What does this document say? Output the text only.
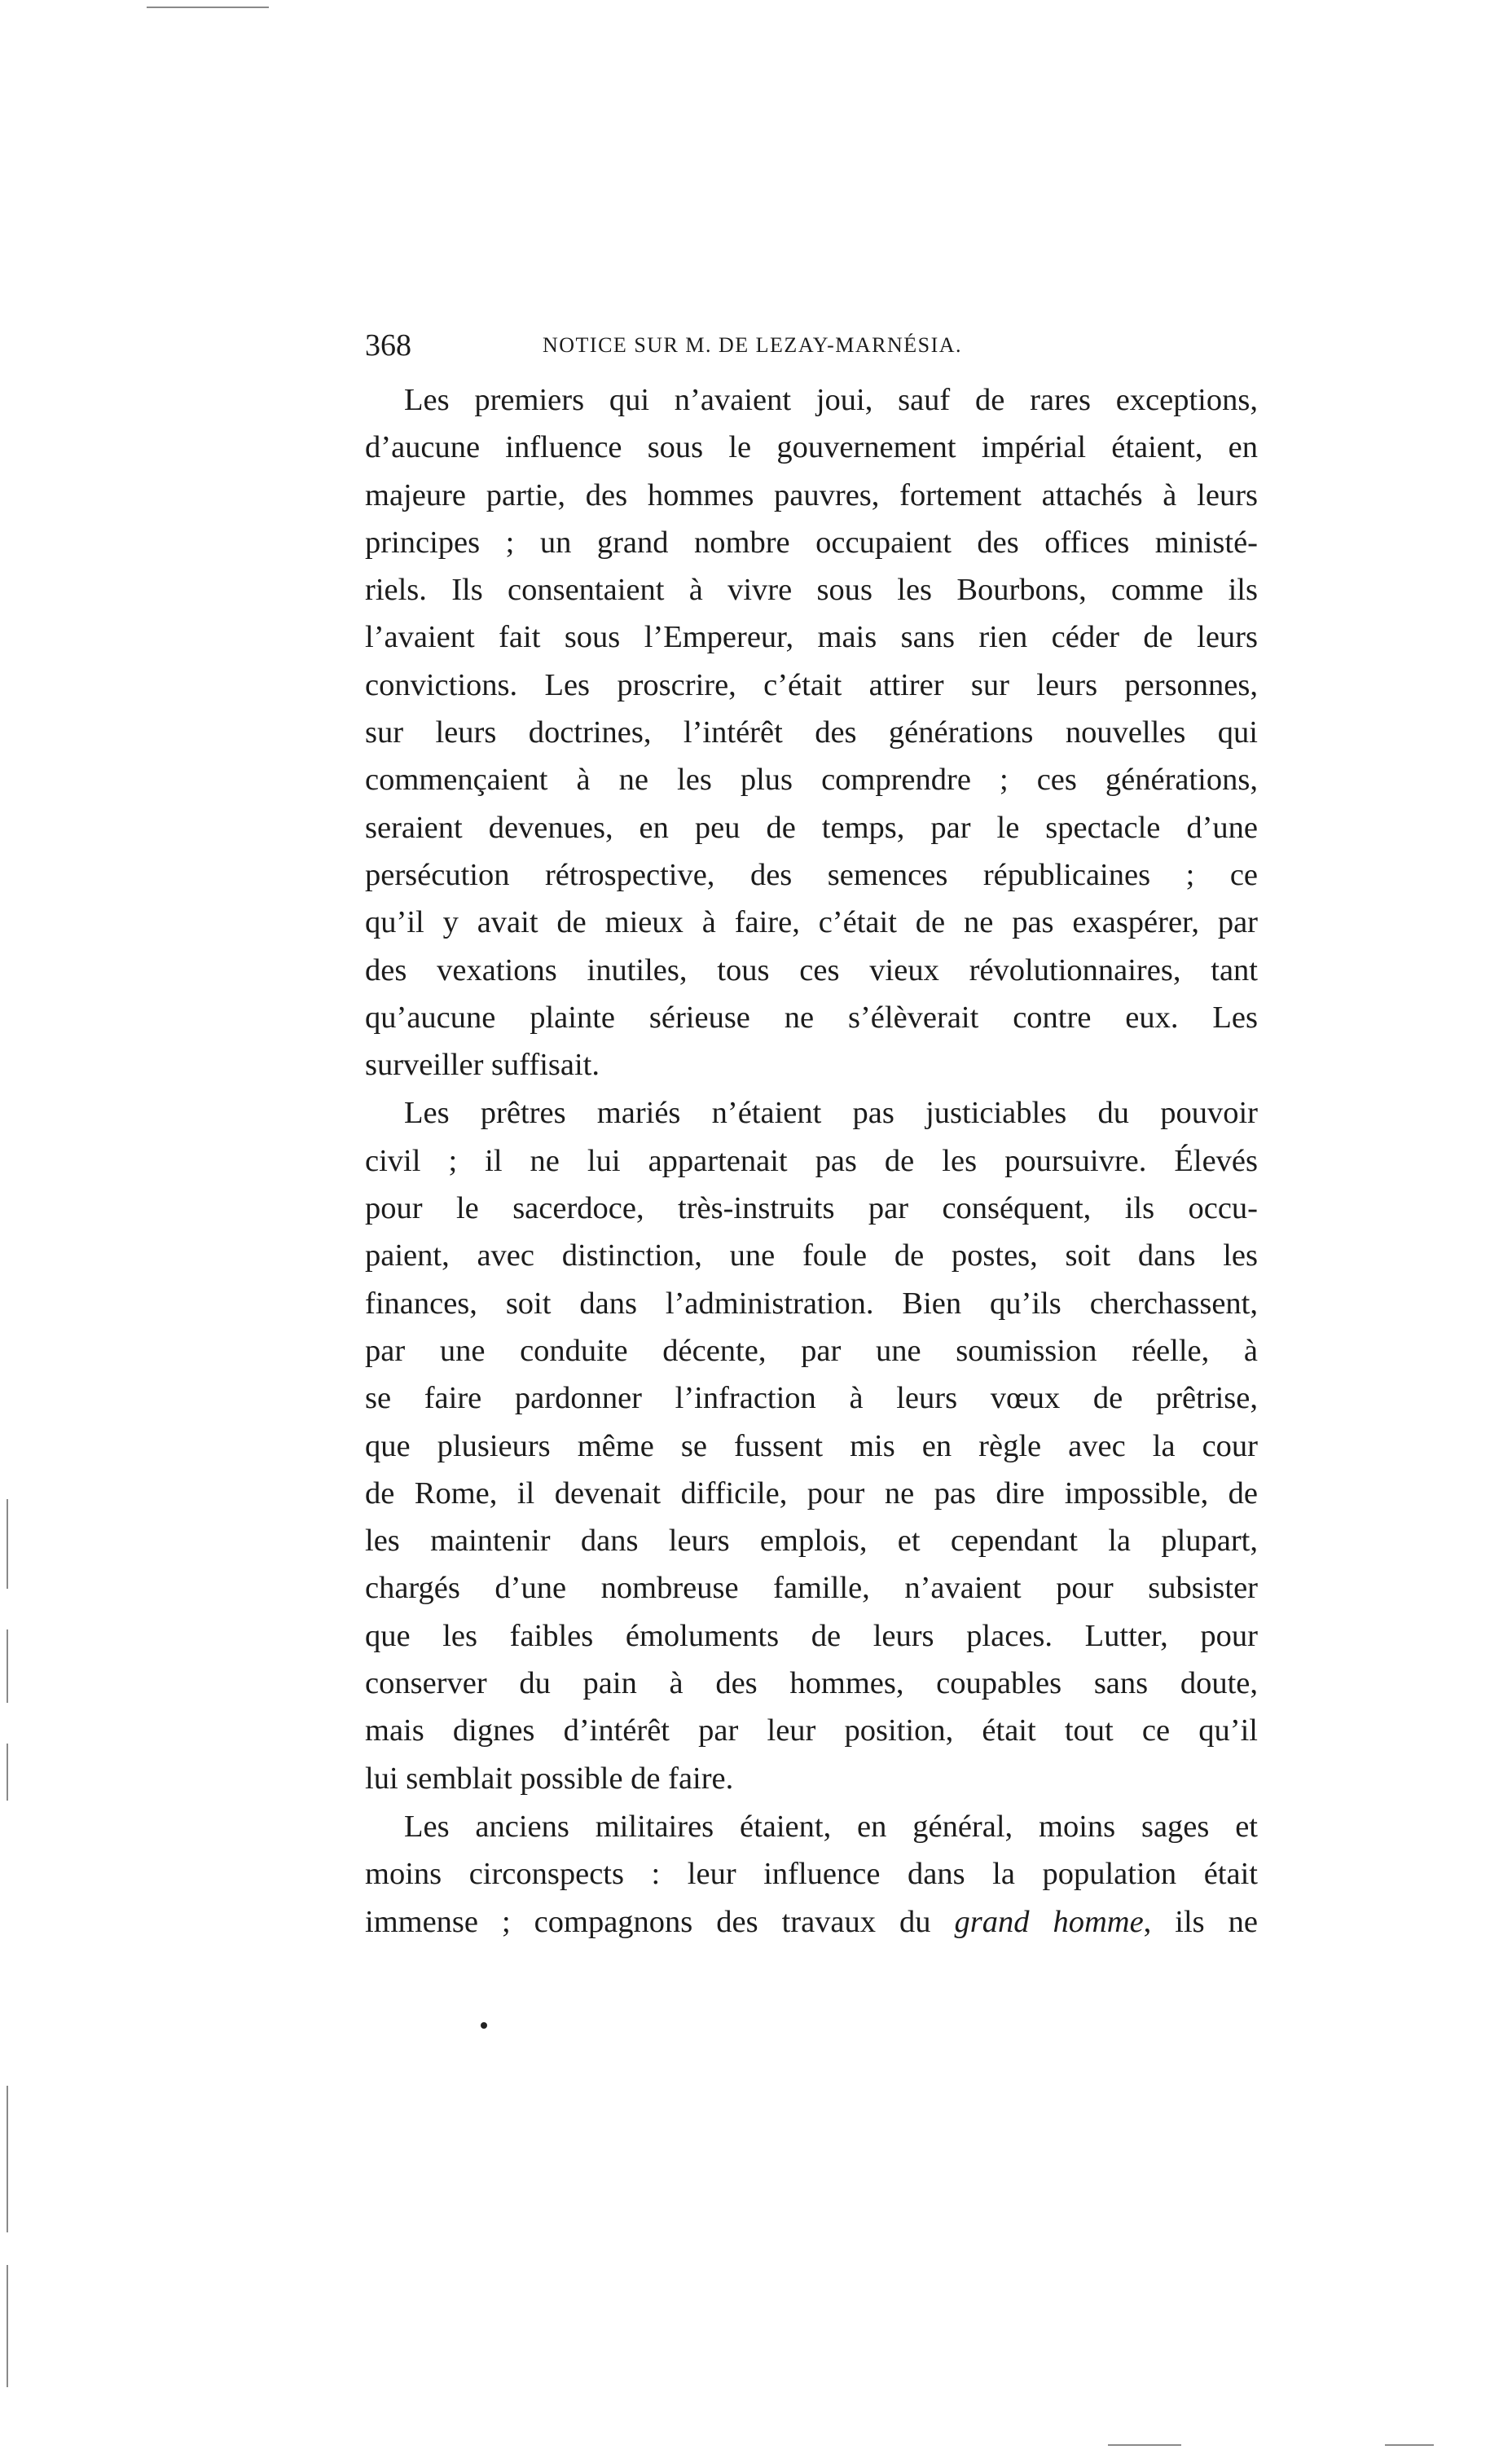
368	NOTICE SUR M. DE LEZAY-MARNÉSIA.

Les premiers qui n’avaient joui, sauf de rares exceptions,
d’aucune influence sous le gouvernement impérial étaient, en
majeure partie, des hommes pauvres, fortement attachés à leurs
principes ; un grand nombre occupaient des offices ministé-
riels. Ils consentaient à vivre sous les Bourbons, comme ils
l’avaient fait sous l’Empereur, mais sans rien céder de leurs
convictions. Les proscrire, c’était attirer sur leurs personnes,
sur leurs doctrines, l’intérêt des générations nouvelles qui
commençaient à ne les plus comprendre ; ces générations,
seraient devenues, en peu de temps, par le spectacle d’une
persécution rétrospective, des semences républicaines ; ce
qu’il y avait de mieux à faire, c’était de ne pas exaspérer, par
des vexations inutiles, tous ces vieux révolutionnaires, tant
qu’aucune plainte sérieuse ne s’élèverait contre eux. Les
surveiller suffisait.

Les prêtres mariés n’étaient pas justiciables du pouvoir
civil ; il ne lui appartenait pas de les poursuivre. Élevés
pour le sacerdoce, très-instruits par conséquent, ils occu-
paient, avec distinction, une foule de postes, soit dans les
finances, soit dans l’administration. Bien qu’ils cherchassent,
par une conduite décente, par une soumission réelle, à
se faire pardonner l’infraction à leurs vœux de prêtrise,
que plusieurs même se fussent mis en règle avec la cour
de Rome, il devenait difficile, pour ne pas dire impossible, de
les maintenir dans leurs emplois, et cependant la plupart,
chargés d’une nombreuse famille, n’avaient pour subsister
que les faibles émoluments de leurs places. Lutter, pour
conserver du pain à des hommes, coupables sans doute,
mais dignes d’intérêt par leur position, était tout ce qu’il
lui semblait possible de faire.

Les anciens militaires étaient, en général, moins sages et
moins circonspects : leur influence dans la population était
immense ; compagnons des travaux du grand homme, ils ne
